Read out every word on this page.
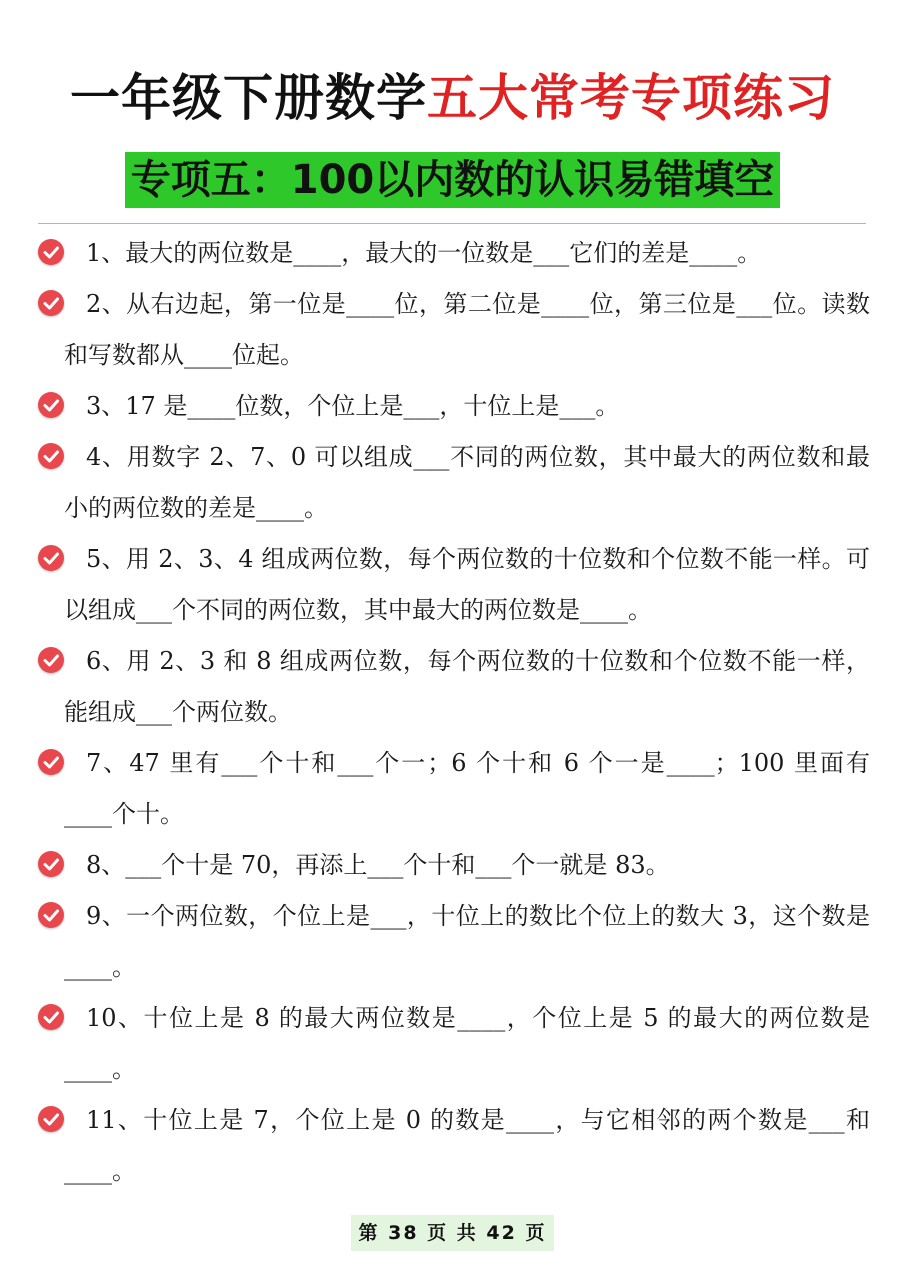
一年级下册数学五大常考专项练习
专项五：100以内数的认识易错填空
1、最大的两位数是____，最大的一位数是___它们的差是____。
2、从右边起，第一位是____位，第二位是____位，第三位是___位。读数和写数都从____位起。
3、17 是____位数，个位上是___，十位上是___。
4、用数字 2、7、0 可以组成___不同的两位数，其中最大的两位数和最小的两位数的差是____。
5、用 2、3、4 组成两位数，每个两位数的十位数和个位数不能一样。可以组成___个不同的两位数，其中最大的两位数是____。
6、用 2、3 和 8 组成两位数，每个两位数的十位数和个位数不能一样，能组成___个两位数。
7、47 里有___个十和___个一；6 个十和 6 个一是____；100 里面有____个十。
8、___个十是 70，再添上___个十和___个一就是 83。
9、一个两位数，个位上是___，十位上的数比个位上的数大 3，这个数是____。
10、十位上是 8 的最大两位数是____，个位上是 5 的最大的两位数是____。
11、十位上是 7，个位上是 0 的数是____，与它相邻的两个数是___和____。
第 38 页 共 42 页
